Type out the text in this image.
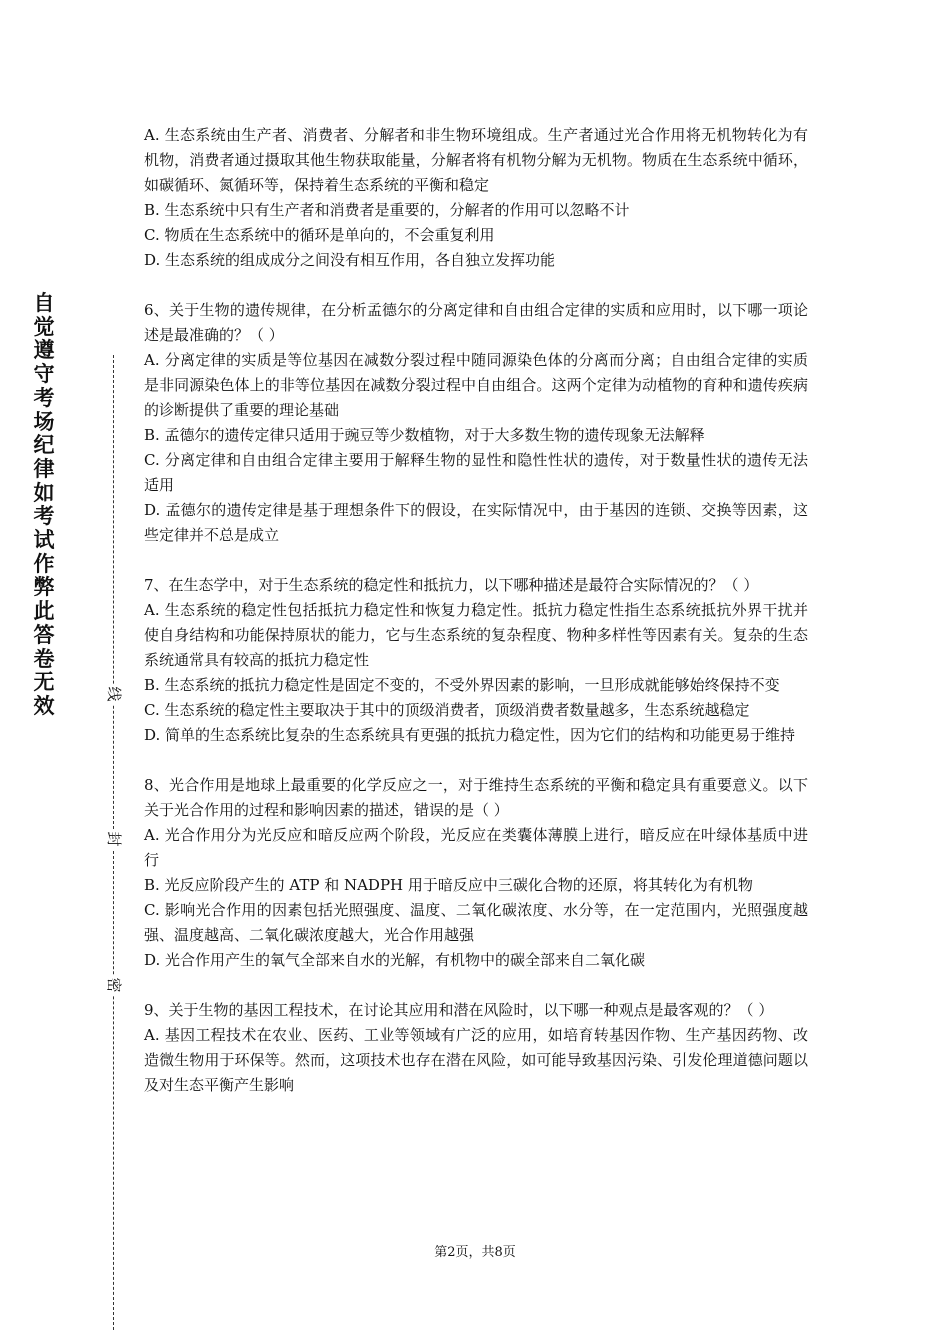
自觉遵守考场纪律如考试作弊此答卷无效	线
封
密
A. 生态系统由生产者、消费者、分解者和非生物环境组成。生产者通过光合作用将无机物转化为有机物，消费者通过摄取其他生物获取能量，分解者将有机物分解为无机物。物质在生态系统中循环，如碳循环、氮循环等，保持着生态系统的平衡和稳定
B. 生态系统中只有生产者和消费者是重要的，分解者的作用可以忽略不计
C. 物质在生态系统中的循环是单向的，不会重复利用
D. 生态系统的组成成分之间没有相互作用，各自独立发挥功能
6、关于生物的遗传规律，在分析孟德尔的分离定律和自由组合定律的实质和应用时，以下哪一项论述是最准确的？（ ）
A. 分离定律的实质是等位基因在减数分裂过程中随同源染色体的分离而分离；自由组合定律的实质是非同源染色体上的非等位基因在减数分裂过程中自由组合。这两个定律为动植物的育种和遗传疾病的诊断提供了重要的理论基础
B. 孟德尔的遗传定律只适用于豌豆等少数植物，对于大多数生物的遗传现象无法解释
C. 分离定律和自由组合定律主要用于解释生物的显性和隐性性状的遗传，对于数量性状的遗传无法适用
D. 孟德尔的遗传定律是基于理想条件下的假设，在实际情况中，由于基因的连锁、交换等因素，这些定律并不总是成立
7、在生态学中，对于生态系统的稳定性和抵抗力，以下哪种描述是最符合实际情况的？（ ）
A. 生态系统的稳定性包括抵抗力稳定性和恢复力稳定性。抵抗力稳定性指生态系统抵抗外界干扰并使自身结构和功能保持原状的能力，它与生态系统的复杂程度、物种多样性等因素有关。复杂的生态系统通常具有较高的抵抗力稳定性
B. 生态系统的抵抗力稳定性是固定不变的，不受外界因素的影响，一旦形成就能够始终保持不变
C. 生态系统的稳定性主要取决于其中的顶级消费者，顶级消费者数量越多，生态系统越稳定
D. 简单的生态系统比复杂的生态系统具有更强的抵抗力稳定性，因为它们的结构和功能更易于维持
8、光合作用是地球上最重要的化学反应之一，对于维持生态系统的平衡和稳定具有重要意义。以下关于光合作用的过程和影响因素的描述，错误的是（ ）
A. 光合作用分为光反应和暗反应两个阶段，光反应在类囊体薄膜上进行，暗反应在叶绿体基质中进行
B. 光反应阶段产生的 ATP 和 NADPH 用于暗反应中三碳化合物的还原，将其转化为有机物
C. 影响光合作用的因素包括光照强度、温度、二氧化碳浓度、水分等，在一定范围内，光照强度越强、温度越高、二氧化碳浓度越大，光合作用越强
D. 光合作用产生的氧气全部来自水的光解，有机物中的碳全部来自二氧化碳
9、关于生物的基因工程技术，在讨论其应用和潜在风险时，以下哪一种观点是最客观的？（ ）
A. 基因工程技术在农业、医药、工业等领域有广泛的应用，如培育转基因作物、生产基因药物、改造微生物用于环保等。然而，这项技术也存在潜在风险，如可能导致基因污染、引发伦理道德问题以及对生态平衡产生影响
第2页，共8页
